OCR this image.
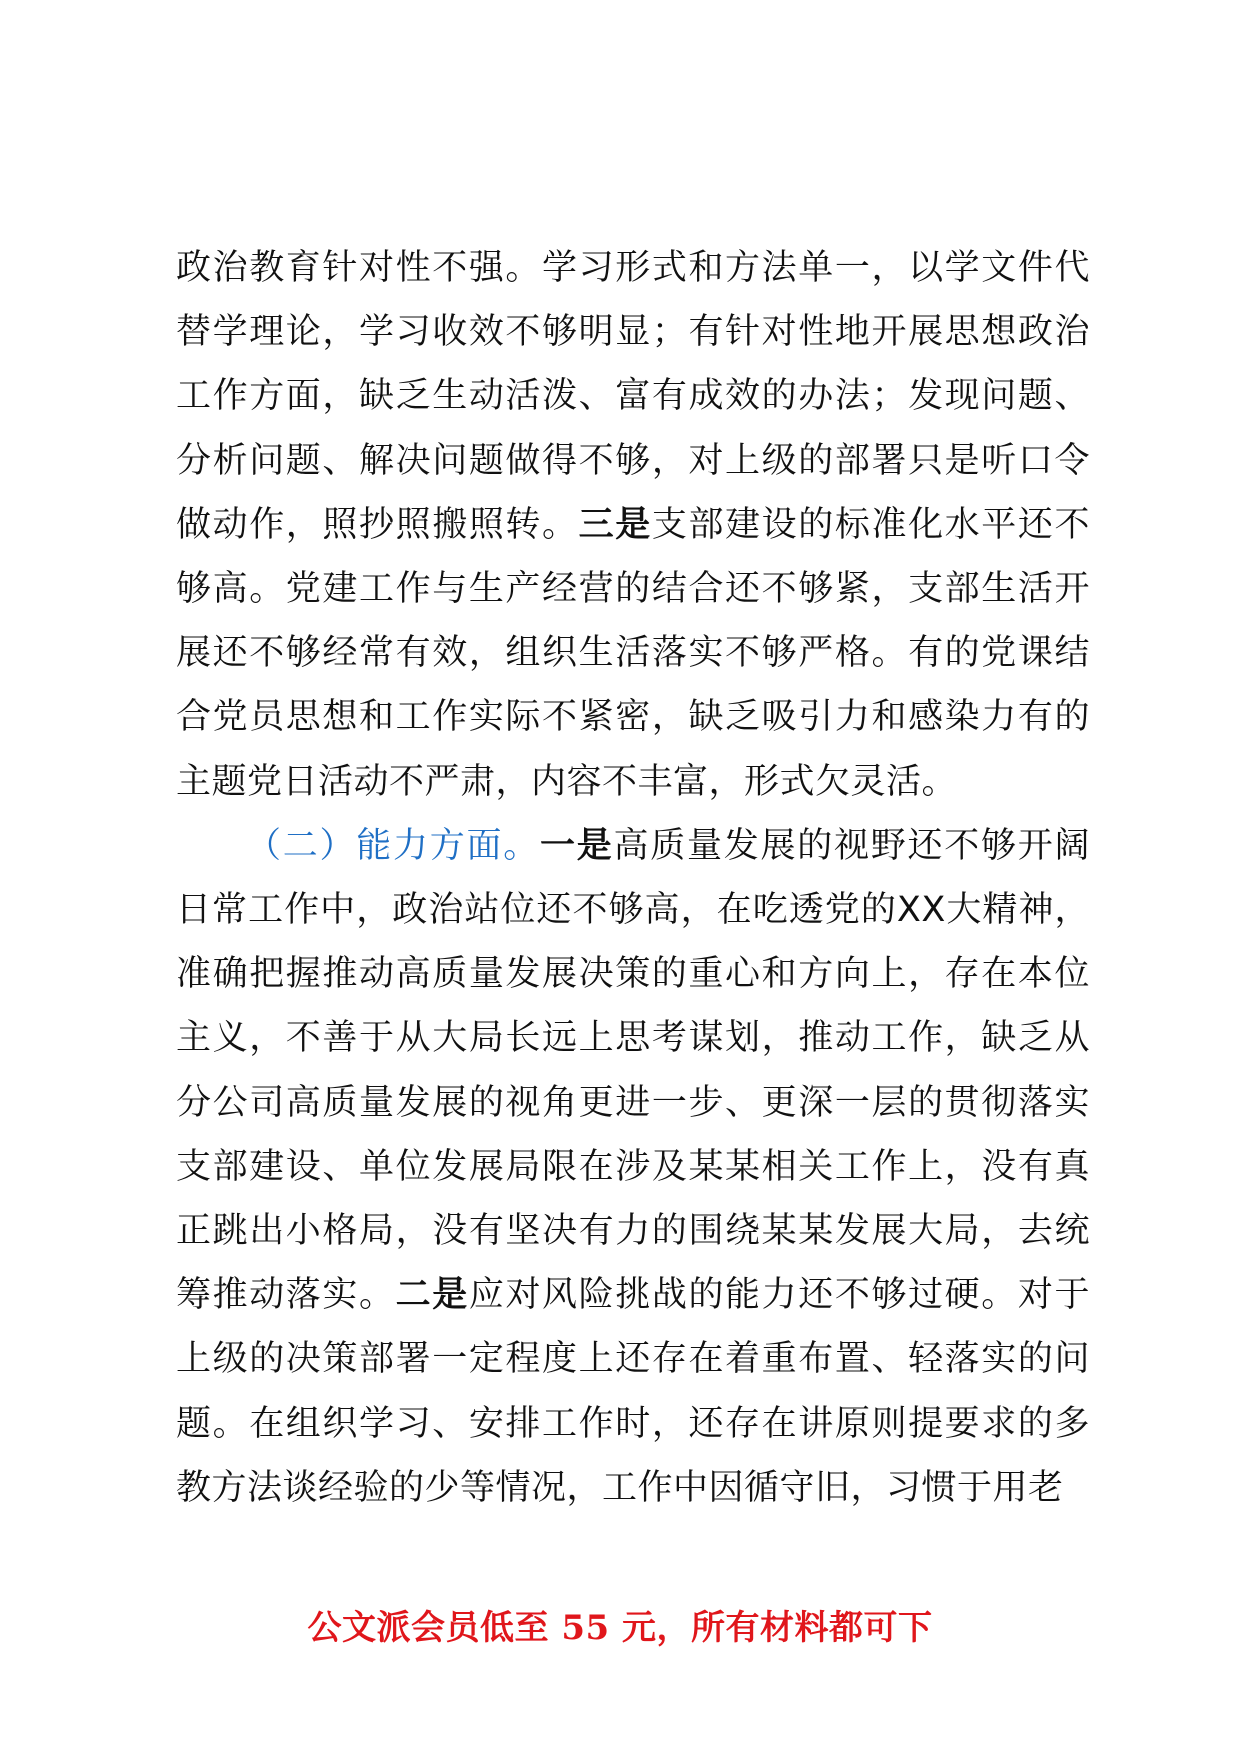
政治教育针对性不强。学习形式和方法单一，以学文件代替学理论，学习收效不够明显；有针对性地开展思想政治工作方面，缺乏生动活泼、富有成效的办法；发现问题、分析问题、解决问题做得不够，对上级的部署只是听口令做动作，照抄照搬照转。三是支部建设的标准化水平还不够高。党建工作与生产经营的结合还不够紧，支部生活开展还不够经常有效，组织生活落实不够严格。有的党课结合党员思想和工作实际不紧密，缺乏吸引力和感染力有的主题党日活动不严肃，内容不丰富，形式欠灵活。

（二）能力方面。一是高质量发展的视野还不够开阔日常工作中，政治站位还不够高，在吃透党的XX大精神，准确把握推动高质量发展决策的重心和方向上，存在本位主义，不善于从大局长远上思考谋划，推动工作，缺乏从分公司高质量发展的视角更进一步、更深一层的贯彻落实支部建设、单位发展局限在涉及某某相关工作上，没有真正跳出小格局，没有坚决有力的围绕某某发展大局，去统筹推动落实。二是应对风险挑战的能力还不够过硬。对于上级的决策部署一定程度上还存在着重布置、轻落实的问题。在组织学习、安排工作时，还存在讲原则提要求的多教方法谈经验的少等情况，工作中因循守旧，习惯于用老

公文派会员低至 55 元，所有材料都可下
